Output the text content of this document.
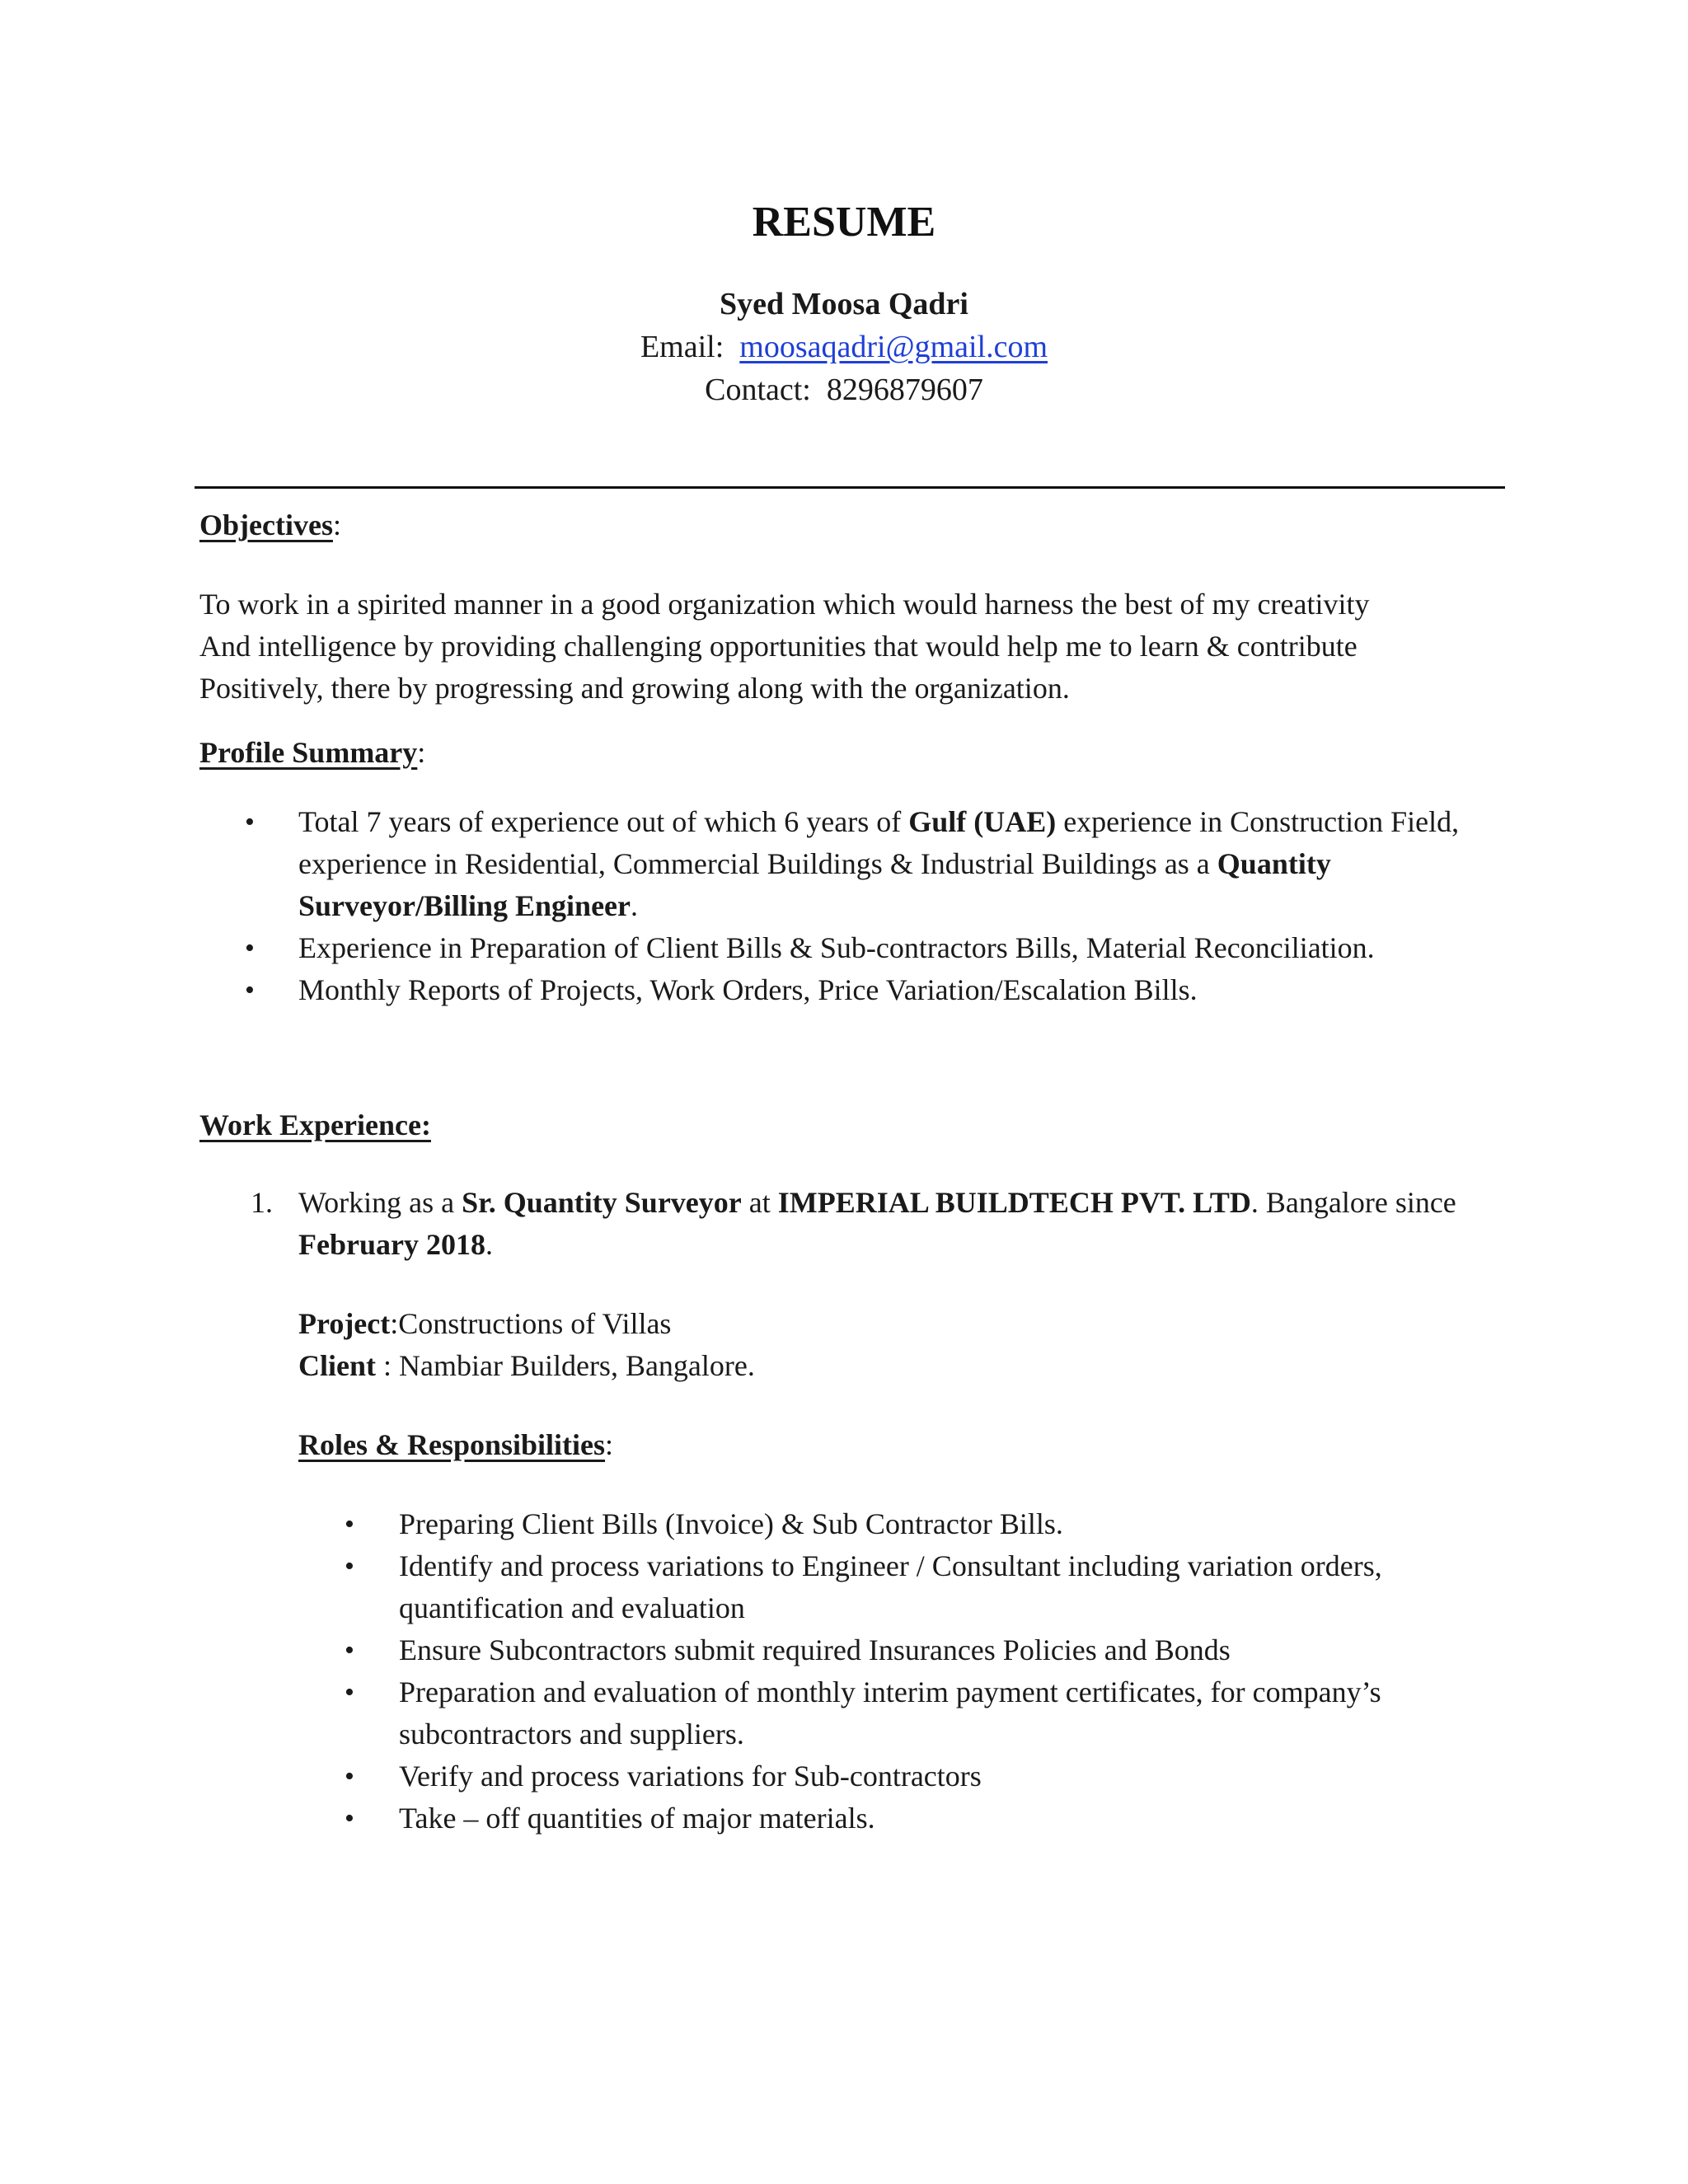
RESUME
Syed Moosa Qadri
Email: moosaqadri@gmail.com
Contact: 8296879607

Objectives:

To work in a spirited manner in a good organization which would harness the best of my creativity

And intelligence by providing challenging opportunities that would help me to learn & contribute

Positively, there by progressing and growing along with the organization.

Profile Summary:

• Total 7 years of experience out of which 6 years of Gulf (UAE) experience in Construction Field, experience in Residential, Commercial Buildings & Industrial Buildings as a Quantity Surveyor/Billing Engineer.
• Experience in Preparation of Client Bills & Sub-contractors Bills, Material Reconciliation.
• Monthly Reports of Projects, Work Orders, Price Variation/Escalation Bills.

Work Experience:

1. Working as a Sr. Quantity Surveyor at IMPERIAL BUILDTECH PVT. LTD. Bangalore since February 2018.

Project:Constructions of Villas

Client : Nambiar Builders, Bangalore.

Roles & Responsibilities:

• Preparing Client Bills (Invoice) & Sub Contractor Bills.
• Identify and process variations to Engineer / Consultant including variation orders, quantification and evaluation
• Ensure Subcontractors submit required Insurances Policies and Bonds
• Preparation and evaluation of monthly interim payment certificates, for company’s subcontractors and suppliers.
• Verify and process variations for Sub-contractors
• Take – off quantities of major materials.
